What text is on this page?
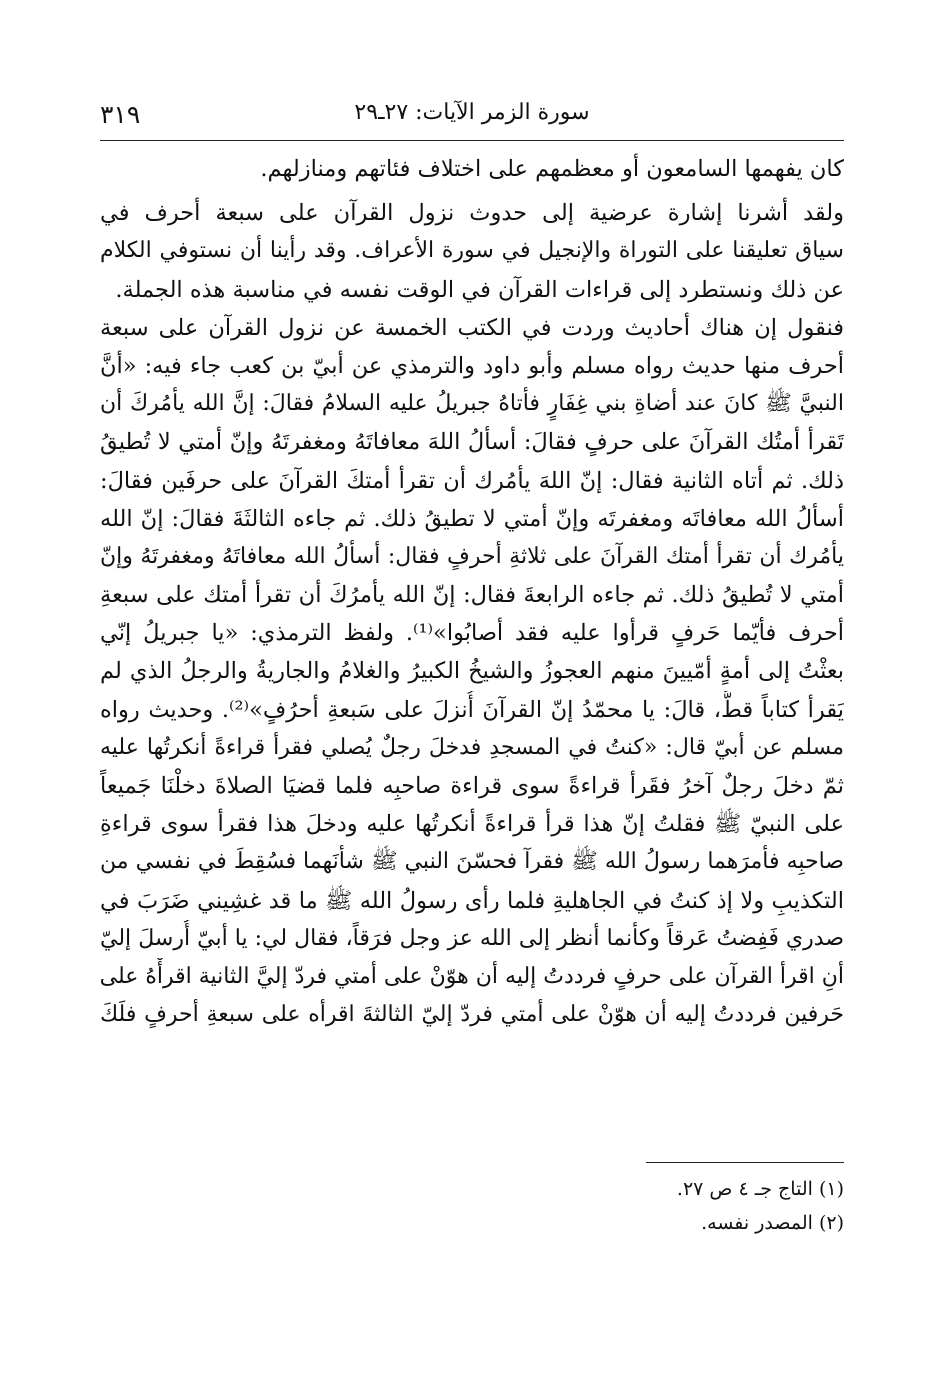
٣١٩	سورة الزمر الآيات: ٢٧ـ٢٩
كان يفهمها السامعون أو معظمهم على اختلاف فئاتهم ومنازلهم.
ولقد أشرنا إشارة عرضية إلى حدوث نزول القرآن على سبعة أحرف في
سياق تعليقنا على التوراة والإنجيل في سورة الأعراف. وقد رأينا أن نستوفي الكلام
عن ذلك ونستطرد إلى قراءات القرآن في الوقت نفسه في مناسبة هذه الجملة.
فنقول إن هناك أحاديث وردت في الكتب الخمسة عن نزول القرآن على سبعة
أحرف منها حديث رواه مسلم وأبو داود والترمذي عن أبيّ بن كعب جاء فيه: «أنَّ
النبيَّ ﷺ كانَ عند أضاةِ بني غِفَارٍ فأتاهُ جبريلُ عليه السلامُ فقالَ: إنَّ الله يأمُركَ أن
تَقرأ أمتُك القرآنَ على حرفٍ فقالَ: أسألُ اللهَ معافاتَهُ ومغفرتَهُ وإنّ أمتي لا تُطيقُ
ذلك. ثم أتاه الثانية فقال: إنّ اللهَ يأمُرك أن تقرأ أمتكَ القرآنَ على حرفَين فقالَ:
أسألُ الله معافاتَه ومغفرتَه وإنّ أمتي لا تطيقُ ذلك. ثم جاءه الثالثَةَ فقالَ: إنّ الله
يأمُرك أن تقرأ أمتك القرآنَ على ثلاثةِ أحرفٍ فقال: أسألُ الله معافاتَهُ ومغفرتَهُ وإنّ
أمتي لا تُطيقُ ذلك. ثم جاءه الرابعةَ فقال: إنّ الله يأمرُكَ أن تقرأ أمتك على سبعةِ
أحرف فأيّما حَرفٍ قرأوا عليه فقد أصابُوا»⁽¹⁾. ولفظ الترمذي: «يا جبريلُ إنّي
بعثْتُ إلى أمةٍ أمّيينَ منهم العجوزُ والشيخُ الكبيرُ والغلامُ والجاريةُ والرجلُ الذي لم
يَقرأ كتاباً قطُّ، قالَ: يا محمّدُ إنّ القرآنَ أُنزلَ على سَبعةِ أحرُفٍ»⁽²⁾. وحديث رواه
مسلم عن أبيّ قال: «كنتُ في المسجدِ فدخلَ رجلٌ يُصلي فقرأ قراءةً أنكرتُها عليه
ثمّ دخلَ رجلٌ آخرُ فقَرأ قراءةً سوى قراءة صاحبِه فلما قضيَا الصلاةَ دخلْنَا جَميعاً
على النبيّ ﷺ فقلتُ إنّ هذا قرأ قراءةً أنكرتُها عليه ودخلَ هذا فقرأ سوى قراءةِ
صاحبِه فأمرَهما رسولُ الله ﷺ فقرآ فحسّنَ النبي ﷺ شأنَهما فسُقِطَ في نفسي من
التكذيبِ ولا إذ كنتُ في الجاهليةِ فلما رأى رسولُ الله ﷺ ما قد غشِيني ضَرَبَ في
صدري فَفِضتُ عَرقاً وكأنما أنظر إلى الله عز وجل فرَقاً، فقال لي: يا أبيّ أُرسلَ إليّ
أنِ اقرأ القرآن على حرفٍ فرددتُ إليه أن هوّنْ على أمتي فردّ إليَّ الثانية اقرأْهُ على
حَرفين فرددتُ إليه أن هوّنْ على أمتي فردّ إليّ الثالثةَ اقرأه على سبعةِ أحرفٍ فلَكَ
(١) التاج جـ ٤ ص ٢٧.
(٢) المصدر نفسه.
